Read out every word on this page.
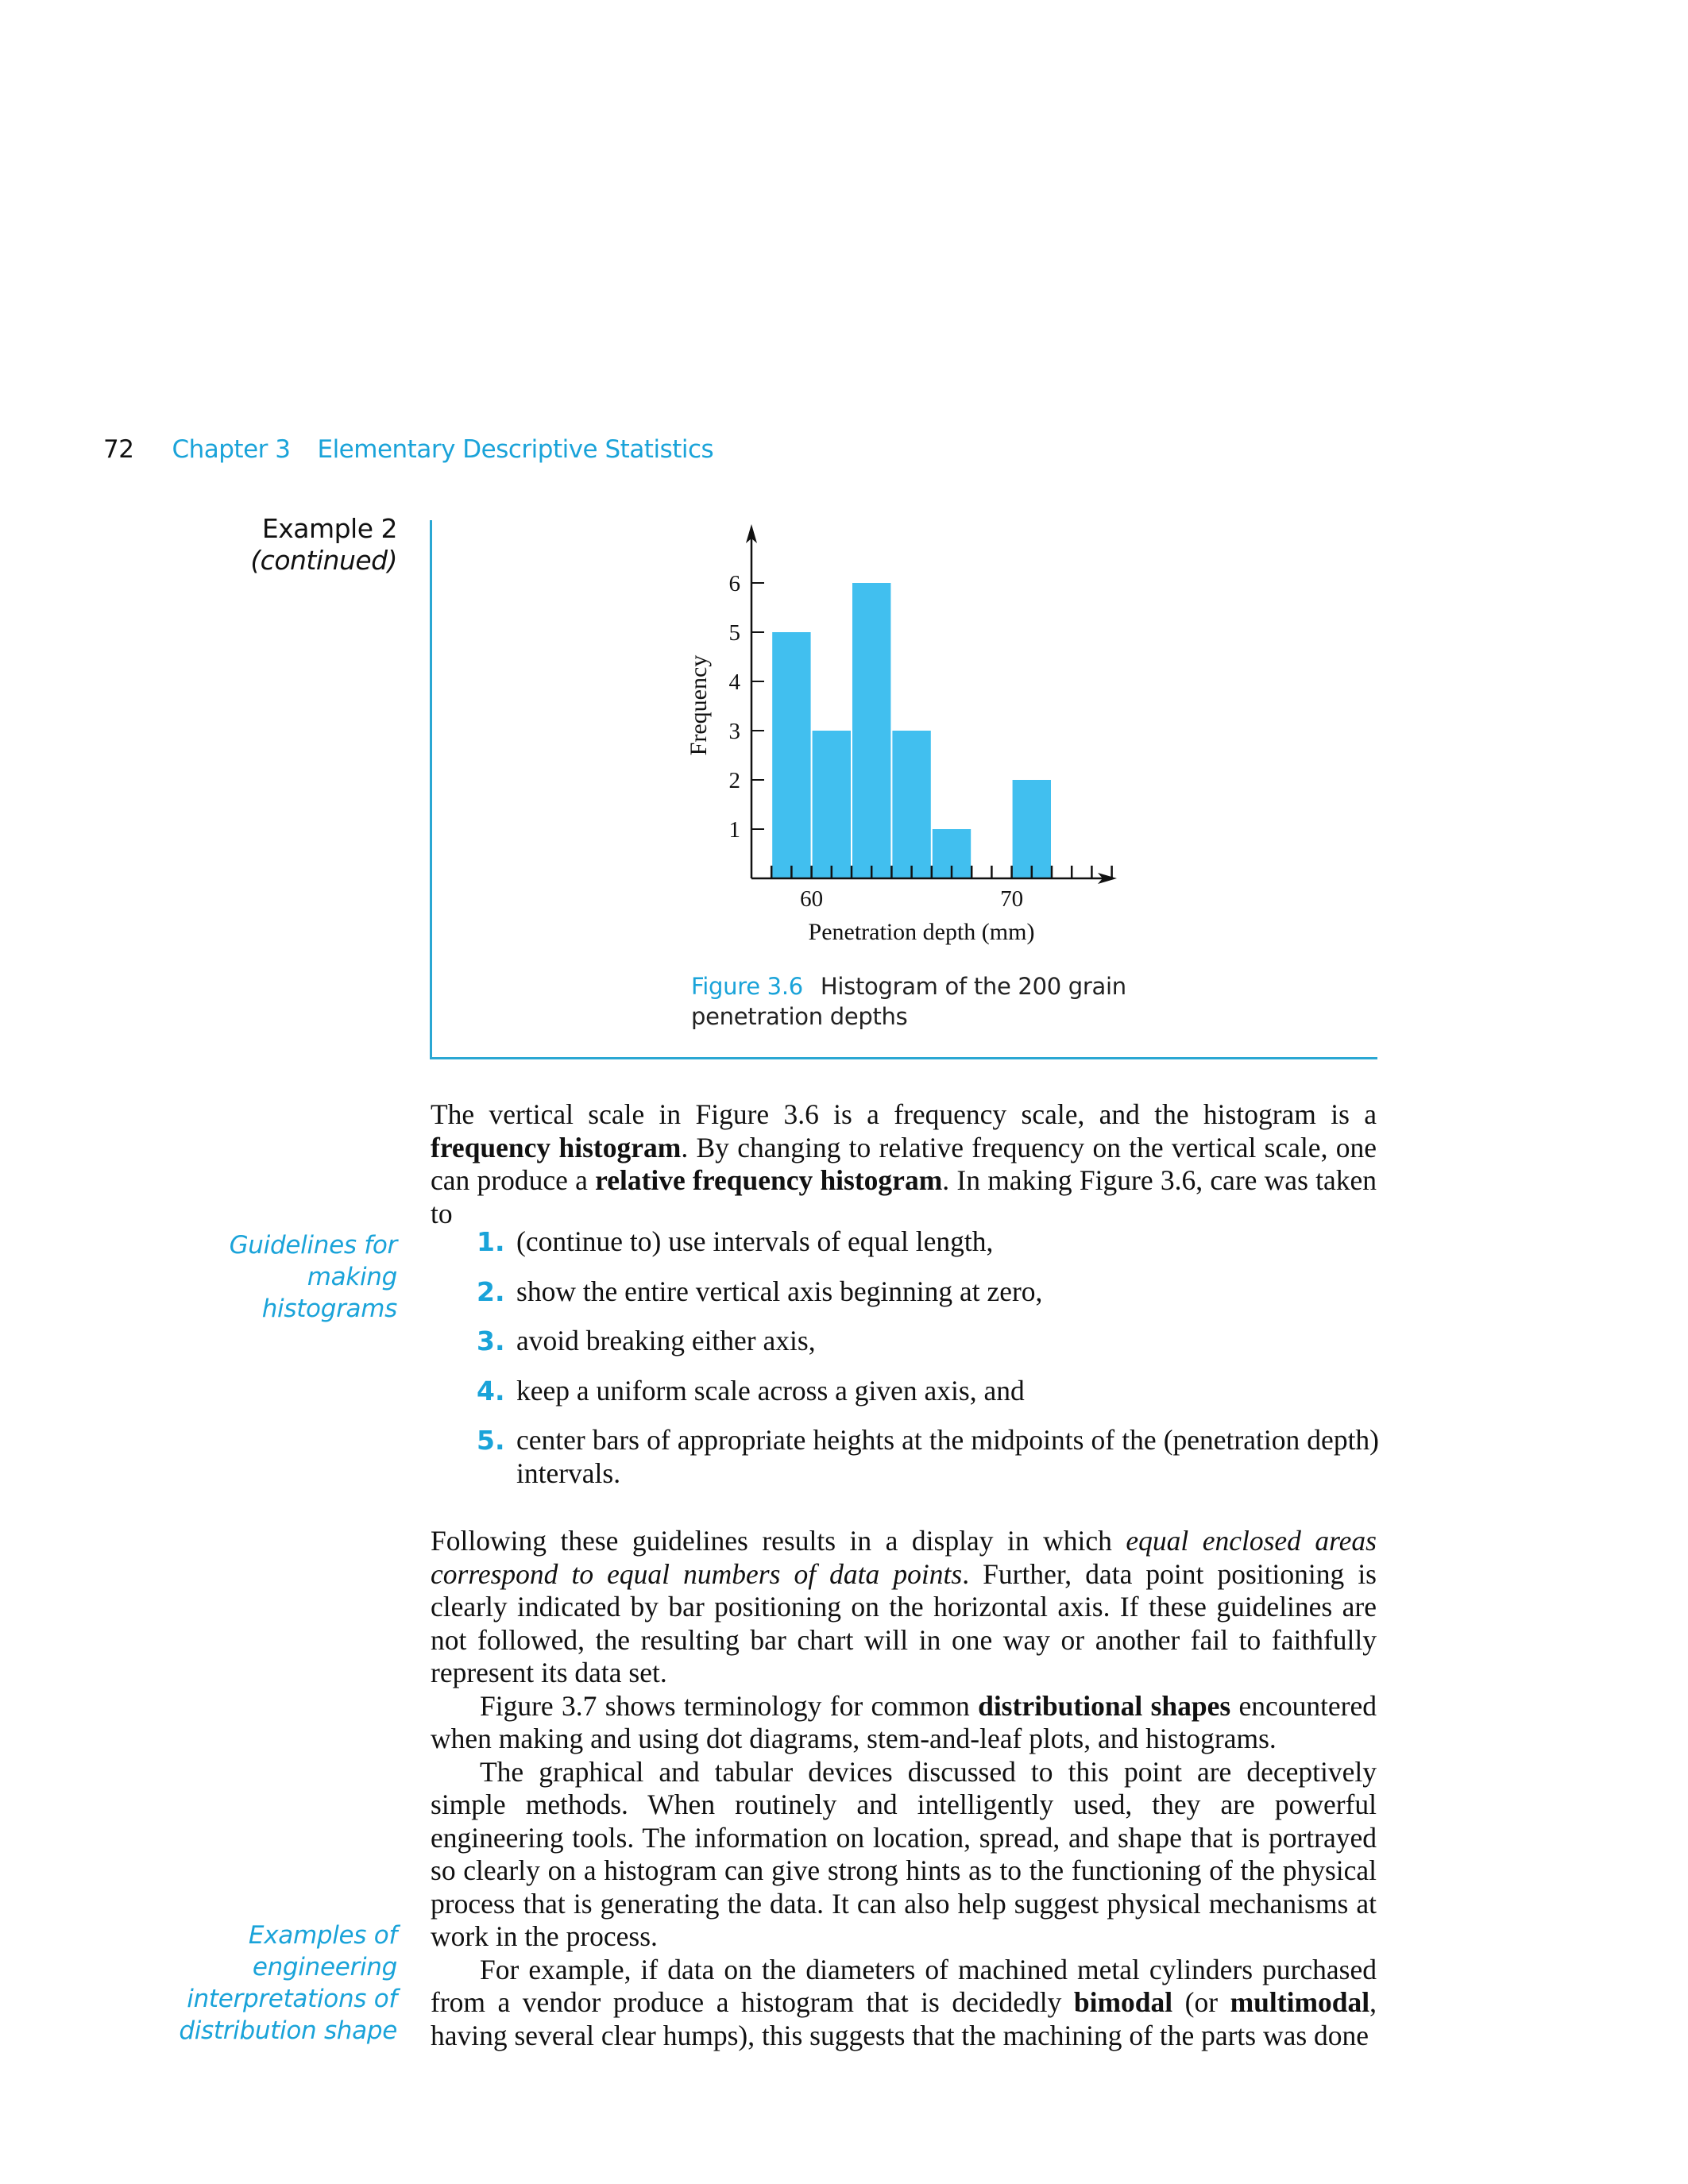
72 Chapter 3 Elementary Descriptive Statistics
Example 2
(continued)
1
2
3
4
5
6
60	70
Frequency
Penetration depth (mm)
Figure 3.6 Histogram of the 200 grain penetration depths

The vertical scale in Figure 3.6 is a frequency scale, and the histogram is a frequency histogram. By changing to relative frequency on the vertical scale, one can produce a relative frequency histogram. In making Figure 3.6, care was taken to

Guidelines for
making
histograms
1. (continue to) use intervals of equal length,
2. show the entire vertical axis beginning at zero,
3. avoid breaking either axis,
4. keep a uniform scale across a given axis, and
5. center bars of appropriate heights at the midpoints of the (penetration depth) intervals.

Following these guidelines results in a display in which equal enclosed areas correspond to equal numbers of data points. Further, data point positioning is clearly indicated by bar positioning on the horizontal axis. If these guidelines are not followed, the resulting bar chart will in one way or another fail to faithfully represent its data set.

Figure 3.7 shows terminology for common distributional shapes encountered when making and using dot diagrams, stem-and-leaf plots, and histograms.

The graphical and tabular devices discussed to this point are deceptively simple methods. When routinely and intelligently used, they are powerful engineering tools. The information on location, spread, and shape that is portrayed so clearly on a histogram can give strong hints as to the functioning of the physical process that is generating the data. It can also help suggest physical mechanisms at work in the process.

For example, if data on the diameters of machined metal cylinders purchased from a vendor produce a histogram that is decidedly bimodal (or multimodal, having several clear humps), this suggests that the machining of the parts was done

Examples of
engineering
interpretations of
distribution shape
